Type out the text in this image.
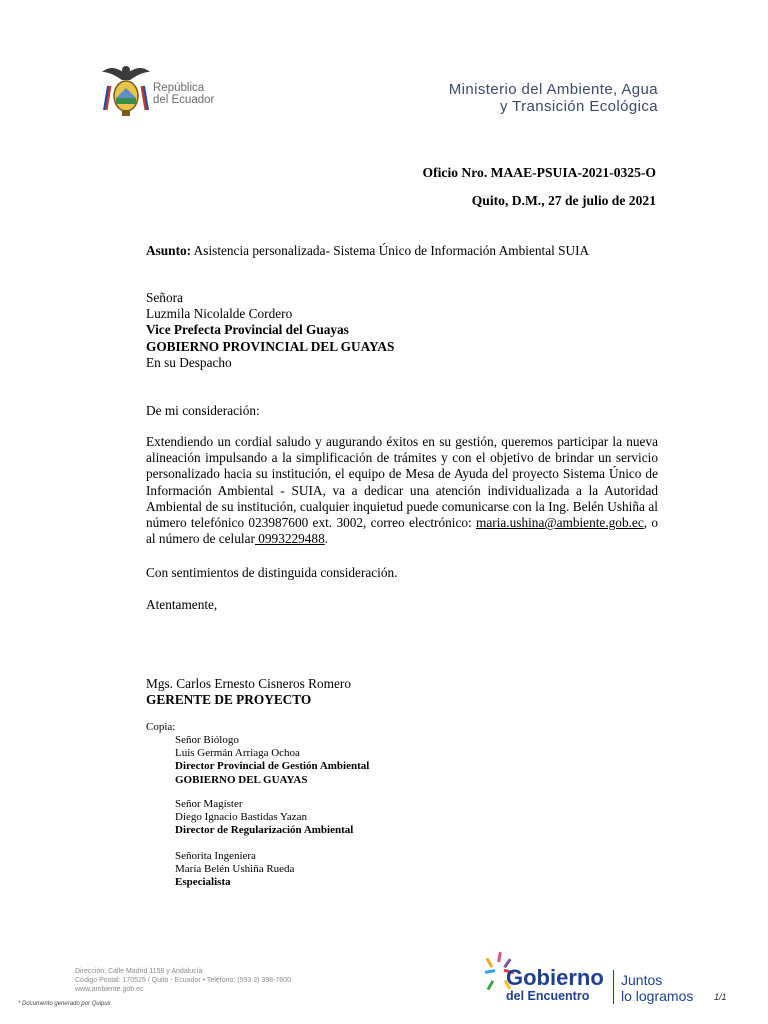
República
del Ecuador
Ministerio del Ambiente, Agua
y Transición Ecológica
Oficio Nro. MAAE-PSUIA-2021-0325-O
Quito, D.M., 27 de julio de 2021
Asunto: Asistencia personalizada- Sistema Único de Información Ambiental SUIA
Señora
Luzmila Nicolalde Cordero
Vice Prefecta Provincial del Guayas
GOBIERNO PROVINCIAL DEL GUAYAS
En su Despacho
De mi consideración:
Extendiendo un cordial saludo y augurando éxitos en su gestión, queremos participar la nueva alineación impulsando a la simplificación de trámites y con el objetivo de brindar un servicio personalizado hacia su institución, el equipo de Mesa de Ayuda del proyecto Sistema Único de Información Ambiental - SUIA, va a dedicar una atención individualizada a la Autoridad Ambiental de su institución, cualquier inquietud puede comunicarse con la Ing. Belén Ushiña al número telefónico 023987600 ext. 3002, correo electrónico: maria.ushina@ambiente.gob.ec, o al número de celular 0993229488.
Con sentimientos de distinguida consideración.
Atentamente,
Mgs. Carlos Ernesto Cisneros Romero
GERENTE DE PROYECTO
Copia:
Señor Biólogo
Luis Germán Arriaga Ochoa
Director Provincial de Gestión Ambiental
GOBIERNO DEL GUAYAS
Señor Magíster
Diego Ignacio Bastidas Yazan
Director de Regularización Ambiental
Señorita Ingeniera
María Belén Ushiña Rueda
Especialista
Dirección: Calle Madrid 1159 y Andalucía
Código Postal: 170525 / Quito - Ecuador • Teléfono: (593 2) 398-7600
www.ambiente.gob.ec
* Documento generado por Quipux
Gobierno
del Encuentro
Juntos
lo logramos 1/1
